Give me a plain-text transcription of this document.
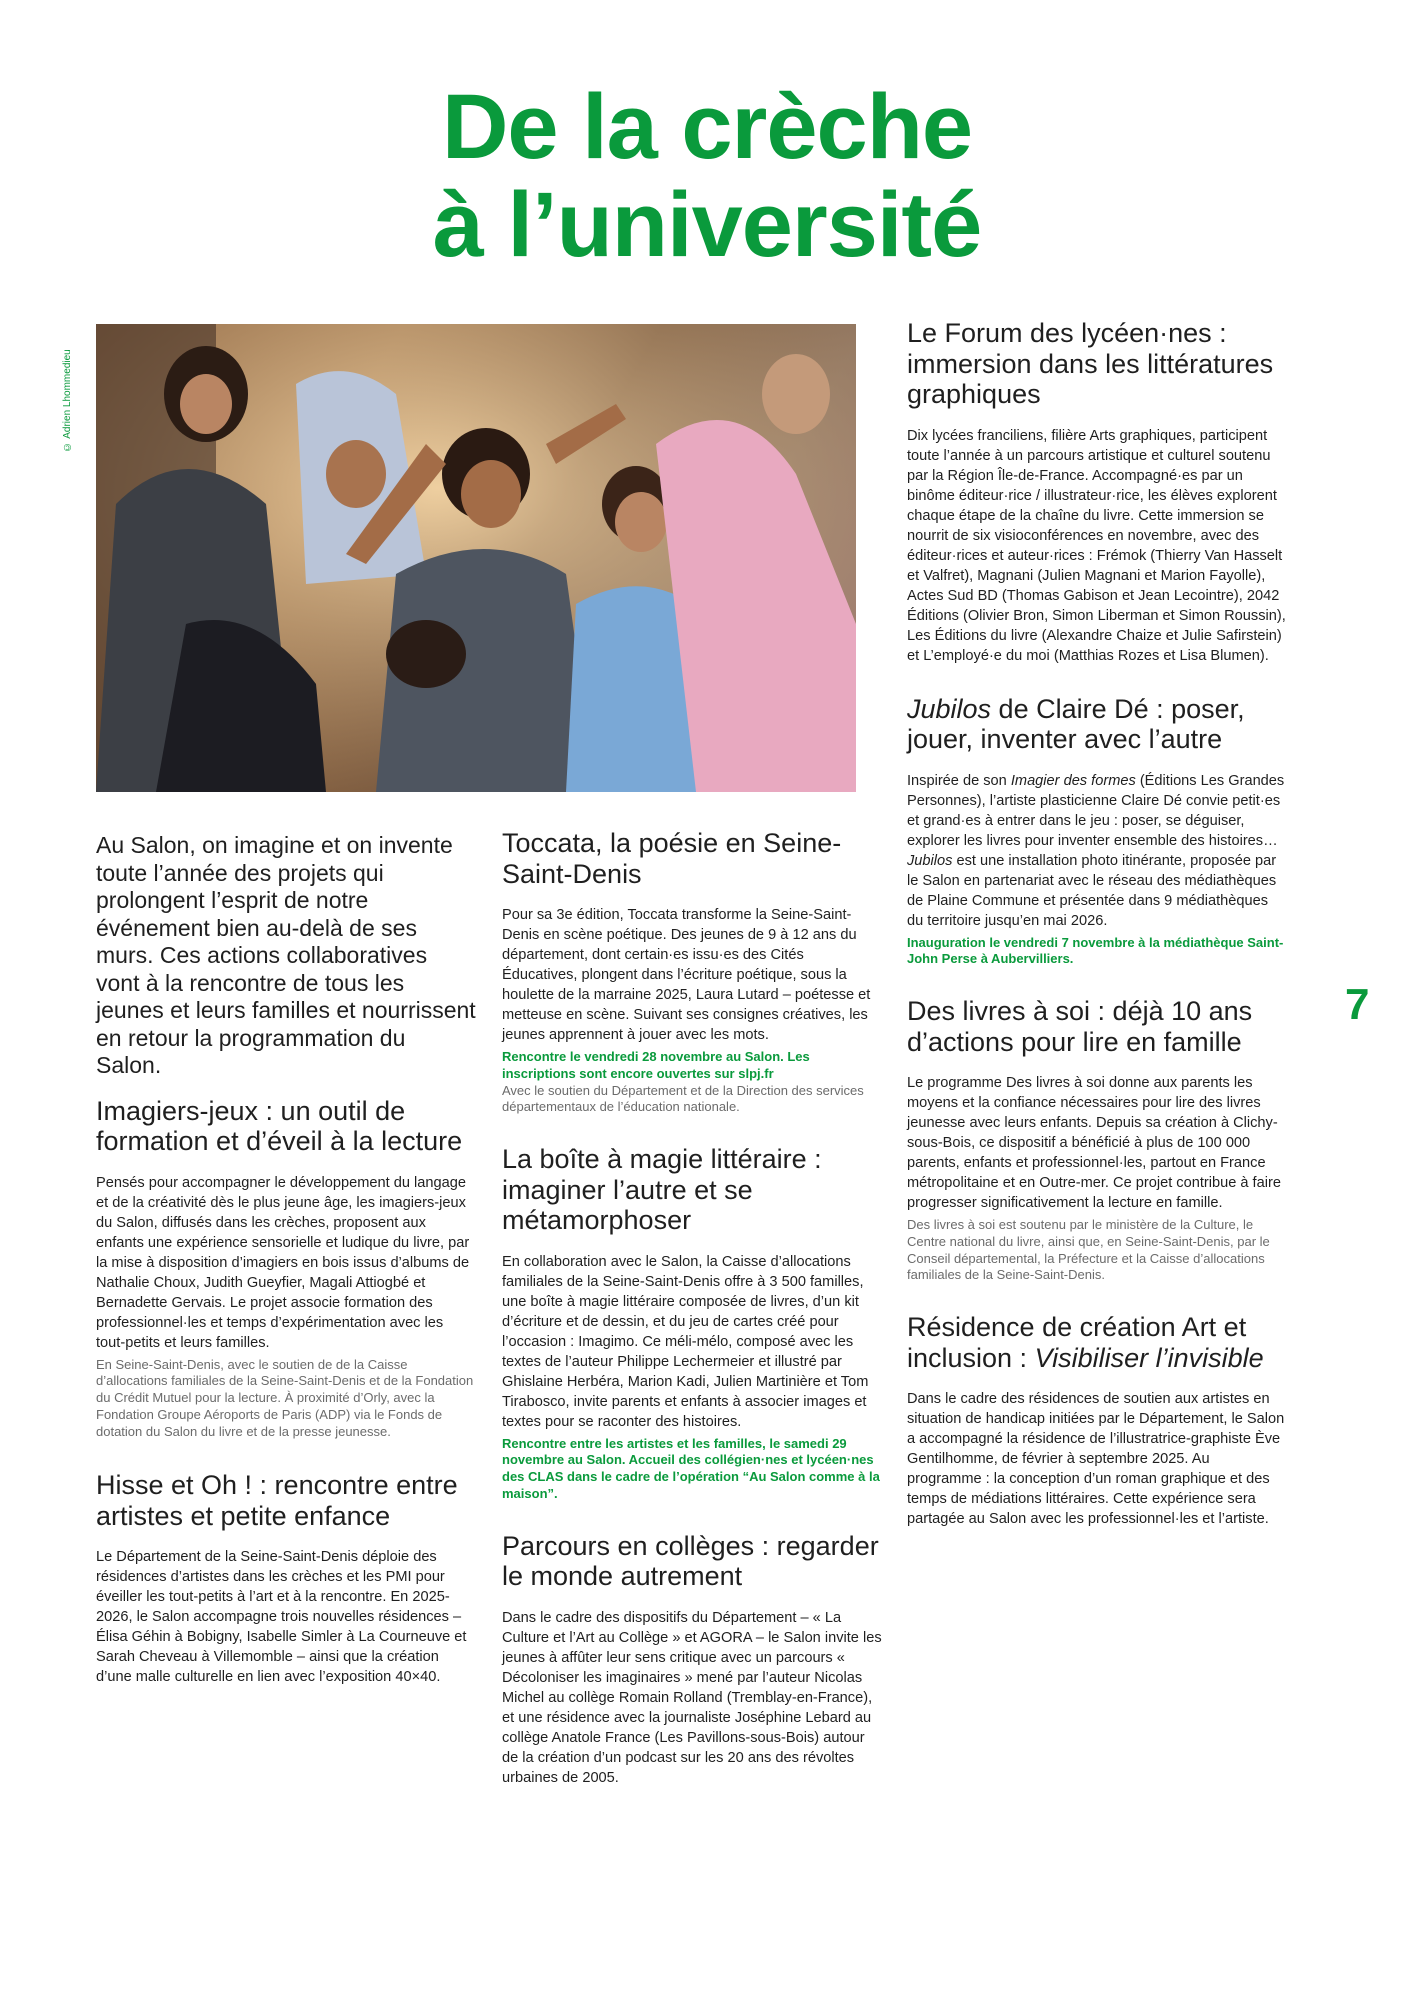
De la crèche
à l’université
© Adrien Lhommedieu
7

Au Salon, on imagine et on invente toute l’année des projets qui prolongent l’esprit de notre événement bien au-delà de ses murs. Ces actions collaboratives vont à la rencontre de tous les jeunes et leurs familles et nourrissent en retour la programmation du Salon.

Imagiers-jeux : un outil de formation et d’éveil à la lecture

Pensés pour accompagner le développement du langage et de la créativité dès le plus jeune âge, les imagiers-jeux du Salon, diffusés dans les crèches, proposent aux enfants une expérience sensorielle et ludique du livre, par la mise à disposition d’imagiers en bois issus d’albums de Nathalie Choux, Judith Gueyfier, Magali Attiogbé et Bernadette Gervais. Le projet associe formation des professionnel·les et temps d’expérimentation avec les tout-petits et leurs familles.

En Seine-Saint-Denis, avec le soutien de de la Caisse d’allocations familiales de la Seine-Saint-Denis et de la Fondation du Crédit Mutuel pour la lecture. À proximité d’Orly, avec la Fondation Groupe Aéroports de Paris (ADP) via le Fonds de dotation du Salon du livre et de la presse jeunesse.

Hisse et Oh ! : rencontre entre artistes et petite enfance

Le Département de la Seine-Saint-Denis déploie des résidences d’artistes dans les crèches et les PMI pour éveiller les tout-petits à l’art et à la rencontre. En 2025-2026, le Salon accompagne trois nouvelles résidences – Élisa Géhin à Bobigny, Isabelle Simler à La Courneuve et Sarah Cheveau à Villemomble – ainsi que la création d’une malle culturelle en lien avec l’exposition 40×40.

Toccata, la poésie en Seine-Saint-Denis

Pour sa 3e édition, Toccata transforme la Seine-Saint-Denis en scène poétique. Des jeunes de 9 à 12 ans du département, dont certain·es issu·es des Cités Éducatives, plongent dans l’écriture poétique, sous la houlette de la marraine 2025, Laura Lutard – poétesse et metteuse en scène. Suivant ses consignes créatives, les jeunes apprennent à jouer avec les mots.

Rencontre le vendredi 28 novembre au Salon. Les inscriptions sont encore ouvertes sur slpj.fr

Avec le soutien du Département et de la Direction des services départementaux de l’éducation nationale.

La boîte à magie littéraire : imaginer l’autre et se métamorphoser

En collaboration avec le Salon, la Caisse d’allocations familiales de la Seine-Saint-Denis offre à 3 500 familles, une boîte à magie littéraire composée de livres, d’un kit d’écriture et de dessin, et du jeu de cartes créé pour l’occasion : Imagimo. Ce méli-mélo, composé avec les textes de l’auteur Philippe Lechermeier et illustré par Ghislaine Herbéra, Marion Kadi, Julien Martinière et Tom Tirabosco, invite parents et enfants à associer images et textes pour se raconter des histoires.

Rencontre entre les artistes et les familles, le samedi 29 novembre au Salon. Accueil des collégien·nes et lycéen·nes des CLAS dans le cadre de l’opération “Au Salon comme à la maison”.

Parcours en collèges : regarder le monde autrement

Dans le cadre des dispositifs du Département – « La Culture et l’Art au Collège » et AGORA – le Salon invite les jeunes à affûter leur sens critique avec un parcours « Décoloniser les imaginaires » mené par l’auteur Nicolas Michel au collège Romain Rolland (Tremblay-en-France), et une résidence avec la journaliste Joséphine Lebard au collège Anatole France (Les Pavillons-sous-Bois) autour de la création d’un podcast sur les 20 ans des révoltes urbaines de 2005.

Le Forum des lycéen·nes : immersion dans les littératures graphiques

Dix lycées franciliens, filière Arts graphiques, participent toute l’année à un parcours artistique et culturel soutenu par la Région Île-de-France. Accompagné·es par un binôme éditeur·rice / illustrateur·rice, les élèves explorent chaque étape de la chaîne du livre. Cette immersion se nourrit de six visioconférences en novembre, avec des éditeur·rices et auteur·rices : Frémok (Thierry Van Hasselt et Valfret), Magnani (Julien Magnani et Marion Fayolle), Actes Sud BD (Thomas Gabison et Jean Lecointre), 2042 Éditions (Olivier Bron, Simon Liberman et Simon Roussin), Les Éditions du livre (Alexandre Chaize et Julie Safirstein) et L’employé·e du moi (Matthias Rozes et Lisa Blumen).

Jubilos de Claire Dé : poser, jouer, inventer avec l’autre

Inspirée de son Imagier des formes (Éditions Les Grandes Personnes), l’artiste plasticienne Claire Dé convie petit·es et grand·es à entrer dans le jeu : poser, se déguiser, explorer les livres pour inventer ensemble des histoires… Jubilos est une installation photo itinérante, proposée par le Salon en partenariat avec le réseau des médiathèques de Plaine Commune et présentée dans 9 médiathèques du territoire jusqu’en mai 2026.

Inauguration le vendredi 7 novembre à la médiathèque Saint-John Perse à Aubervilliers.

Des livres à soi : déjà 10 ans d’actions pour lire en famille

Le programme Des livres à soi donne aux parents les moyens et la confiance nécessaires pour lire des livres jeunesse avec leurs enfants. Depuis sa création à Clichy-sous-Bois, ce dispositif a bénéficié à plus de 100 000 parents, enfants et professionnel·les, partout en France métropolitaine et en Outre-mer. Ce projet contribue à faire progresser significativement la lecture en famille.

Des livres à soi est soutenu par le ministère de la Culture, le Centre national du livre, ainsi que, en Seine-Saint-Denis, par le Conseil départemental, la Préfecture et la Caisse d’allocations familiales de la Seine-Saint-Denis.

Résidence de création Art et inclusion : Visibiliser l’invisible

Dans le cadre des résidences de soutien aux artistes en situation de handicap initiées par le Département, le Salon a accompagné la résidence de l’illustratrice-graphiste Ève Gentilhomme, de février à septembre 2025. Au programme : la conception d’un roman graphique et des temps de médiations littéraires. Cette expérience sera partagée au Salon avec les professionnel·les et l’artiste.
